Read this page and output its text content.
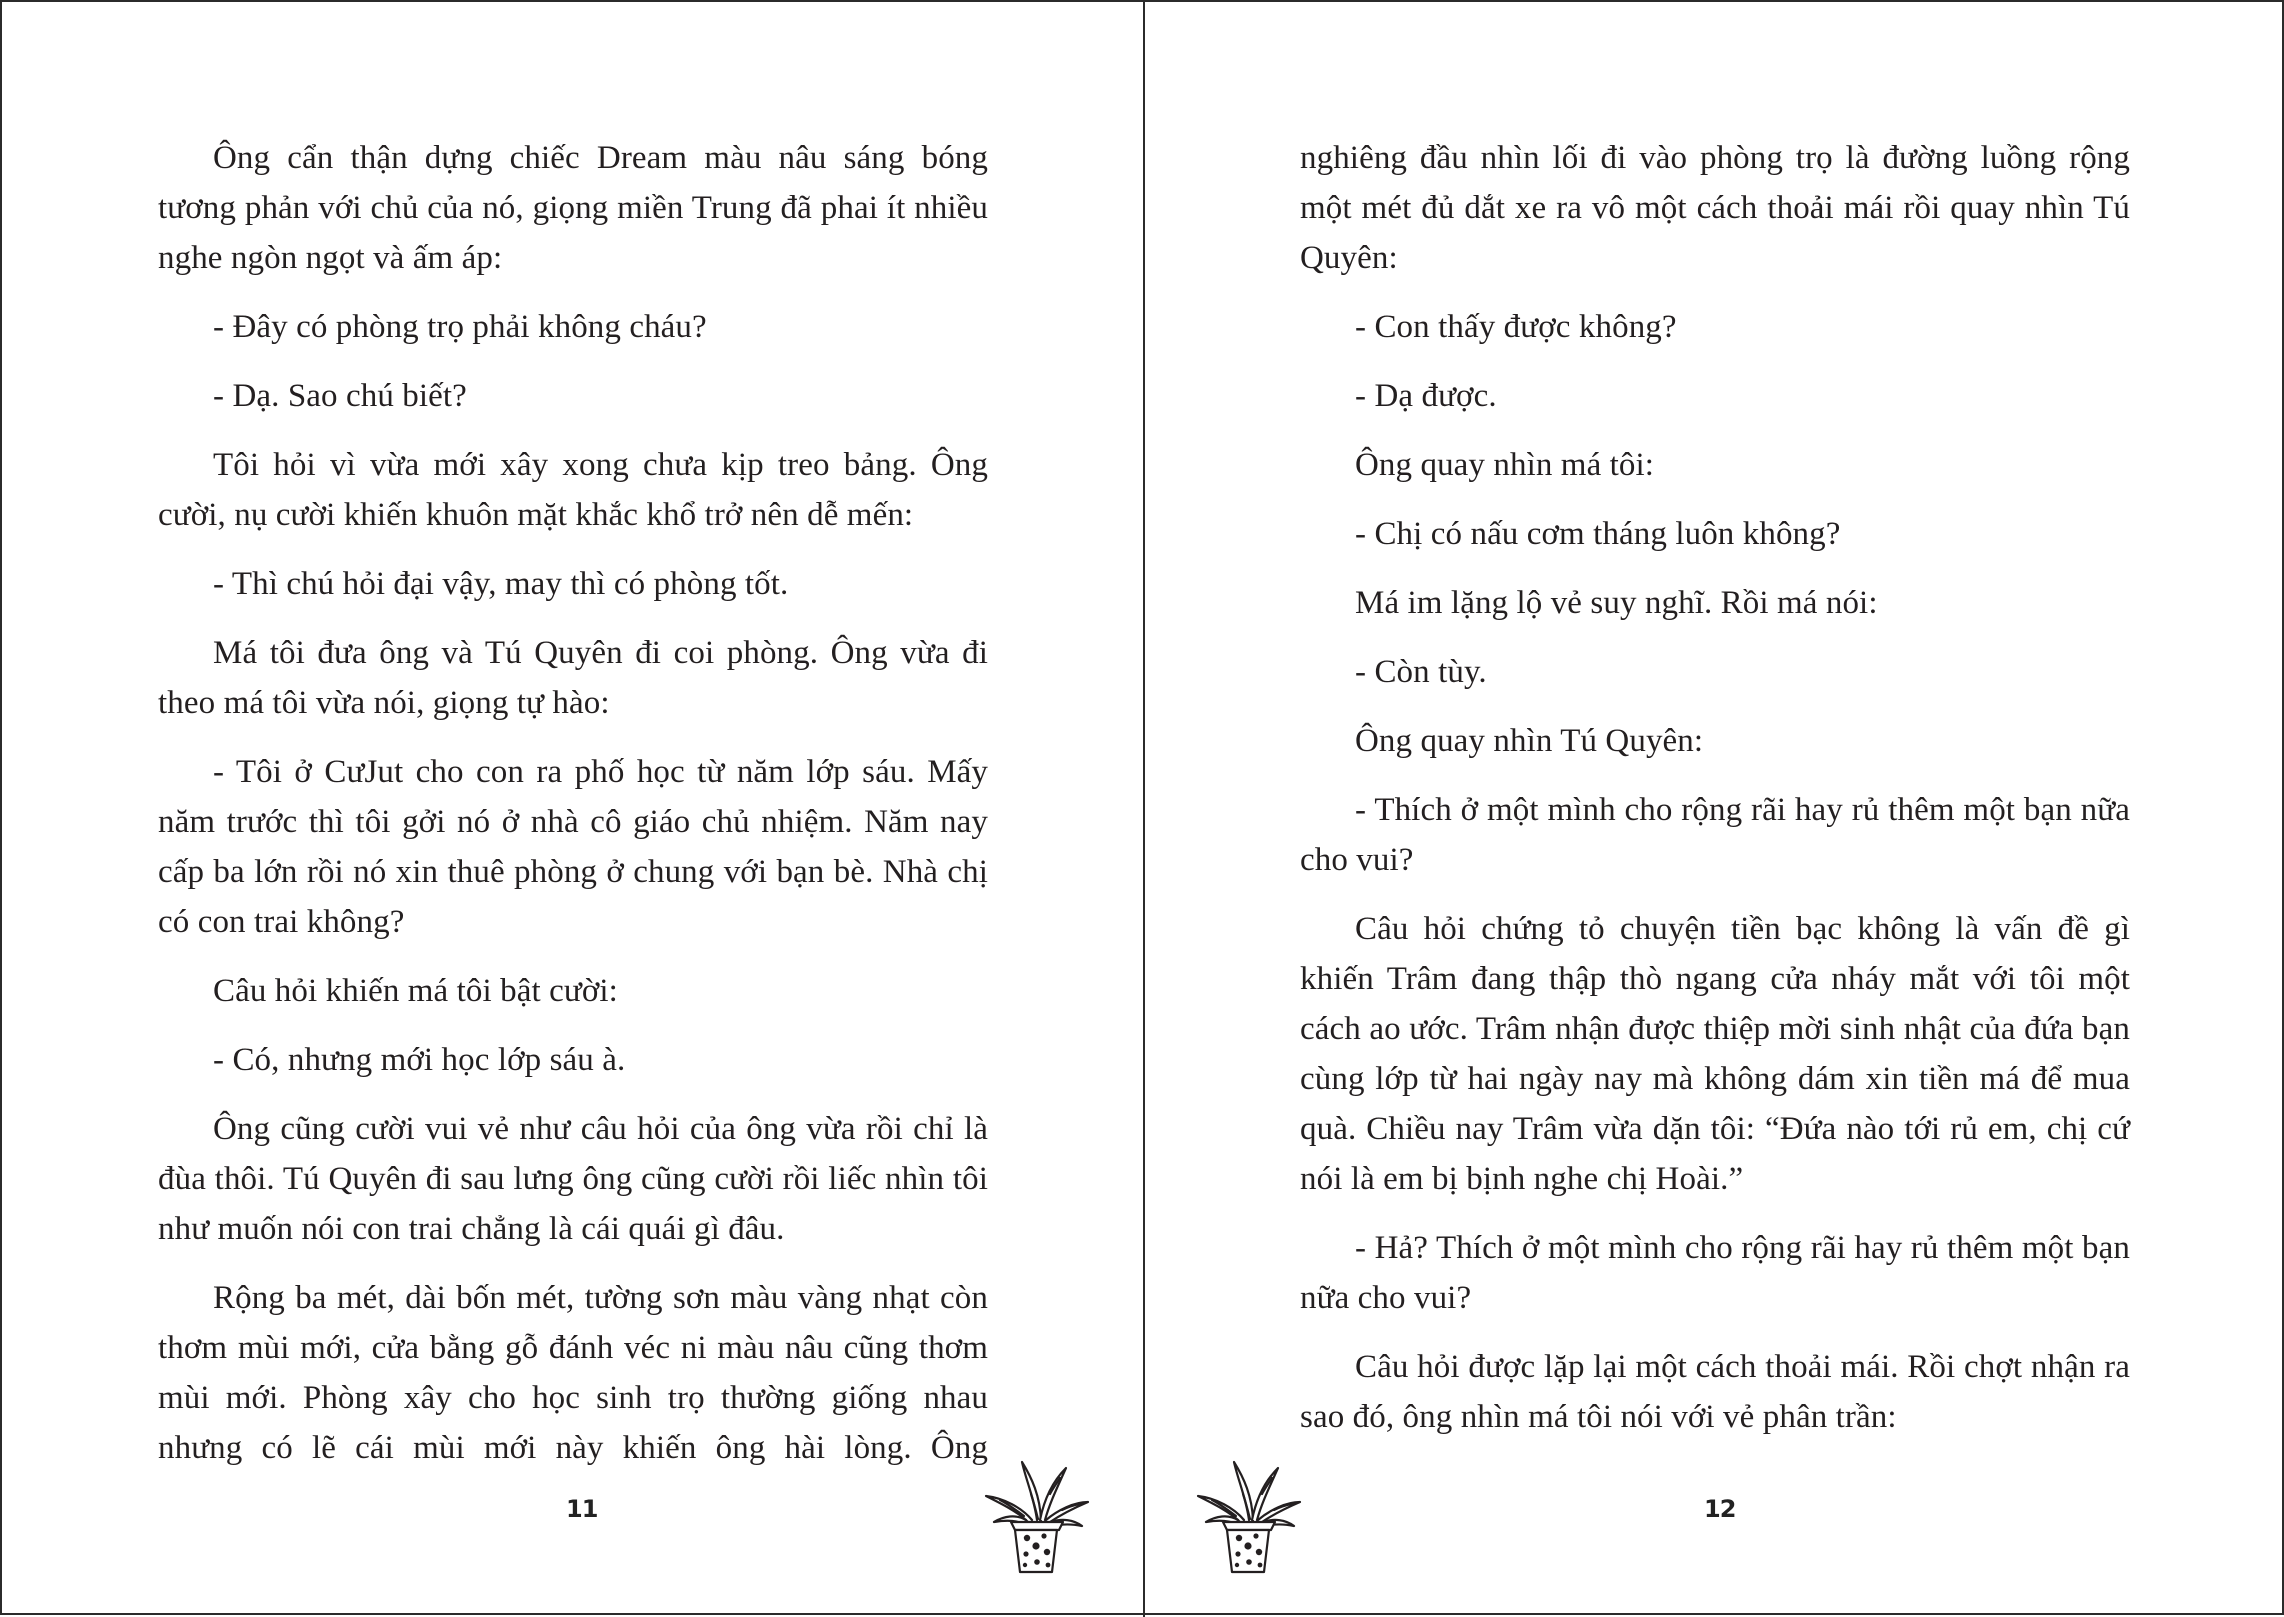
Ông cẩn thận dựng chiếc Dream màu nâu sáng bóng tương phản với chủ của nó, giọng miền Trung đã phai ít nhiều nghe ngòn ngọt và ấm áp:

- Đây có phòng trọ phải không cháu?

- Dạ. Sao chú biết?

Tôi hỏi vì vừa mới xây xong chưa kịp treo bảng. Ông cười, nụ cười khiến khuôn mặt khắc khổ trở nên dễ mến:

- Thì chú hỏi đại vậy, may thì có phòng tốt.

Má tôi đưa ông và Tú Quyên đi coi phòng. Ông vừa đi theo má tôi vừa nói, giọng tự hào:

- Tôi ở CưJut cho con ra phố học từ năm lớp sáu. Mấy năm trước thì tôi gởi nó ở nhà cô giáo chủ nhiệm. Năm nay cấp ba lớn rồi nó xin thuê phòng ở chung với bạn bè. Nhà chị có con trai không?

Câu hỏi khiến má tôi bật cười:

- Có, nhưng mới học lớp sáu à.

Ông cũng cười vui vẻ như câu hỏi của ông vừa rồi chỉ là đùa thôi. Tú Quyên đi sau lưng ông cũng cười rồi liếc nhìn tôi như muốn nói con trai chẳng là cái quái gì đâu.

Rộng ba mét, dài bốn mét, tường sơn màu vàng nhạt còn thơm mùi mới, cửa bằng gỗ đánh véc ni màu nâu cũng thơm mùi mới. Phòng xây cho học sinh trọ thường giống nhau nhưng có lẽ cái mùi mới này khiến ông hài lòng. Ông

11

nghiêng đầu nhìn lối đi vào phòng trọ là đường luồng rộng một mét đủ dắt xe ra vô một cách thoải mái rồi quay nhìn Tú Quyên:

- Con thấy được không?

- Dạ được.

Ông quay nhìn má tôi:

- Chị có nấu cơm tháng luôn không?

Má im lặng lộ vẻ suy nghĩ. Rồi má nói:

- Còn tùy.

Ông quay nhìn Tú Quyên:

- Thích ở một mình cho rộng rãi hay rủ thêm một bạn nữa cho vui?

Câu hỏi chứng tỏ chuyện tiền bạc không là vấn đề gì khiến Trâm đang thập thò ngang cửa nháy mắt với tôi một cách ao ước. Trâm nhận được thiệp mời sinh nhật của đứa bạn cùng lớp từ hai ngày nay mà không dám xin tiền má để mua quà. Chiều nay Trâm vừa dặn tôi: “Đứa nào tới rủ em, chị cứ nói là em bị bịnh nghe chị Hoài.”

- Hả? Thích ở một mình cho rộng rãi hay rủ thêm một bạn nữa cho vui?

Câu hỏi được lặp lại một cách thoải mái. Rồi chợt nhận ra sao đó, ông nhìn má tôi nói với vẻ phân trần:

12
